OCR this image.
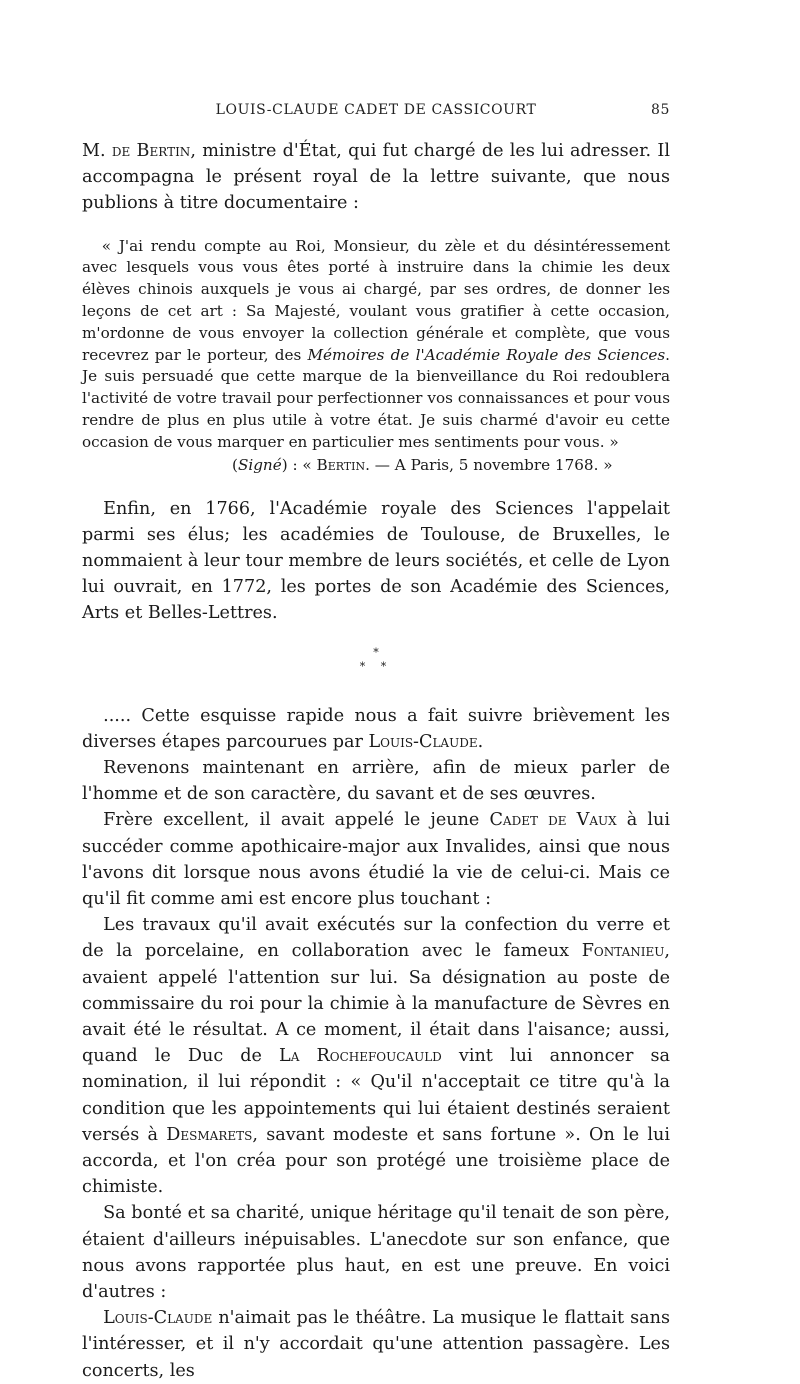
LOUIS-CLAUDE CADET DE CASSICOURT	85

M. de Bertin, ministre d'État, qui fut chargé de les lui adresser. Il accompagna le présent royal de la lettre suivante, que nous publions à titre documentaire :

« J'ai rendu compte au Roi, Monsieur, du zèle et du désintéressement avec lesquels vous vous êtes porté à instruire dans la chimie les deux élèves chinois auxquels je vous ai chargé, par ses ordres, de donner les leçons de cet art : Sa Majesté, voulant vous gratifier à cette occasion, m'ordonne de vous envoyer la collection générale et complète, que vous recevrez par le porteur, des Mémoires de l'Académie Royale des Sciences. Je suis persuadé que cette marque de la bienveillance du Roi redoublera l'activité de votre travail pour perfectionner vos connaissances et pour vous rendre de plus en plus utile à votre état. Je suis charmé d'avoir eu cette occasion de vous marquer en particulier mes sentiments pour vous. »

(Signé) : « Bertin. — A Paris, 5 novembre 1768. »

Enfin, en 1766, l'Académie royale des Sciences l'appelait parmi ses élus; les académies de Toulouse, de Bruxelles, le nommaient à leur tour membre de leurs sociétés, et celle de Lyon lui ouvrait, en 1772, les portes de son Académie des Sciences, Arts et Belles-Lettres.

*
* *

..... Cette esquisse rapide nous a fait suivre brièvement les diverses étapes parcourues par Louis-Claude.

Revenons maintenant en arrière, afin de mieux parler de l'homme et de son caractère, du savant et de ses œuvres.

Frère excellent, il avait appelé le jeune Cadet de Vaux à lui succéder comme apothicaire-major aux Invalides, ainsi que nous l'avons dit lorsque nous avons étudié la vie de celui-ci. Mais ce qu'il fit comme ami est encore plus touchant :

Les travaux qu'il avait exécutés sur la confection du verre et de la porcelaine, en collaboration avec le fameux Fontanieu, avaient appelé l'attention sur lui. Sa désignation au poste de commissaire du roi pour la chimie à la manufacture de Sèvres en avait été le résultat. A ce moment, il était dans l'aisance; aussi, quand le Duc de La Rochefoucauld vint lui annoncer sa nomination, il lui répondit : « Qu'il n'acceptait ce titre qu'à la condition que les appointements qui lui étaient destinés seraient versés à Desmarets, savant modeste et sans fortune ». On le lui accorda, et l'on créa pour son protégé une troisième place de chimiste.

Sa bonté et sa charité, unique héritage qu'il tenait de son père, étaient d'ailleurs inépuisables. L'anecdote sur son enfance, que nous avons rapportée plus haut, en est une preuve. En voici d'autres :

Louis-Claude n'aimait pas le théâtre. La musique le flattait sans l'intéresser, et il n'y accordait qu'une attention passagère. Les concerts, les
